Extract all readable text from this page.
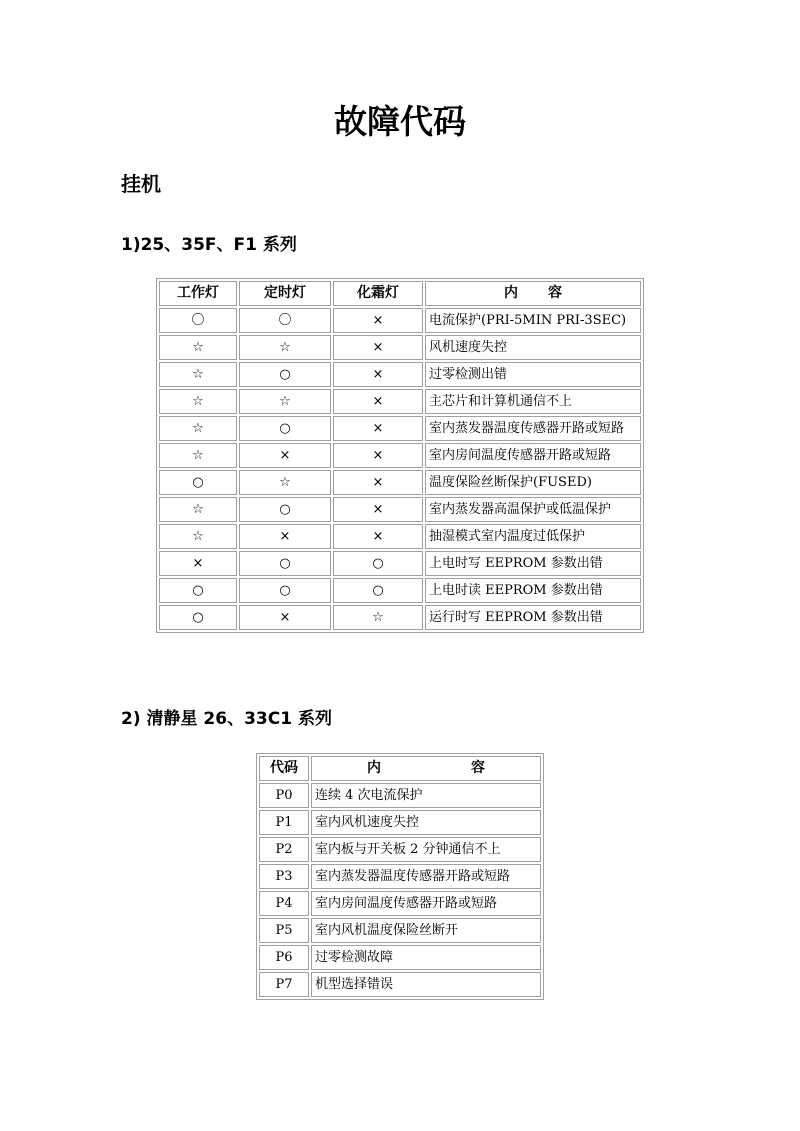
故障代码
挂机
1)25、35F、F1 系列
工作灯	定时灯	化霜灯	内 容
〇	〇	×	电流保护(PRI-5MIN PRI-3SEC)
☆	☆	×	风机速度失控
☆	○	×	过零检测出错
☆	☆	×	主芯片和计算机通信不上
☆	○	×	室内蒸发器温度传感器开路或短路
☆	×	×	室内房间温度传感器开路或短路
○	☆	×	温度保险丝断保护(FUSED)
☆	○	×	室内蒸发器高温保护或低温保护
☆	×	×	抽湿模式室内温度过低保护
×	○	○	上电时写 EEPROM 参数出错
○	○	○	上电时读 EEPROM 参数出错
○	×	☆	运行时写 EEPROM 参数出错
2) 清静星 26、33C1 系列
代码	内 容
P0	连续 4 次电流保护
P1	室内风机速度失控
P2	室内板与开关板 2 分钟通信不上
P3	室内蒸发器温度传感器开路或短路
P4	室内房间温度传感器开路或短路
P5	室内风机温度保险丝断开
P6	过零检测故障
P7	机型选择错误
